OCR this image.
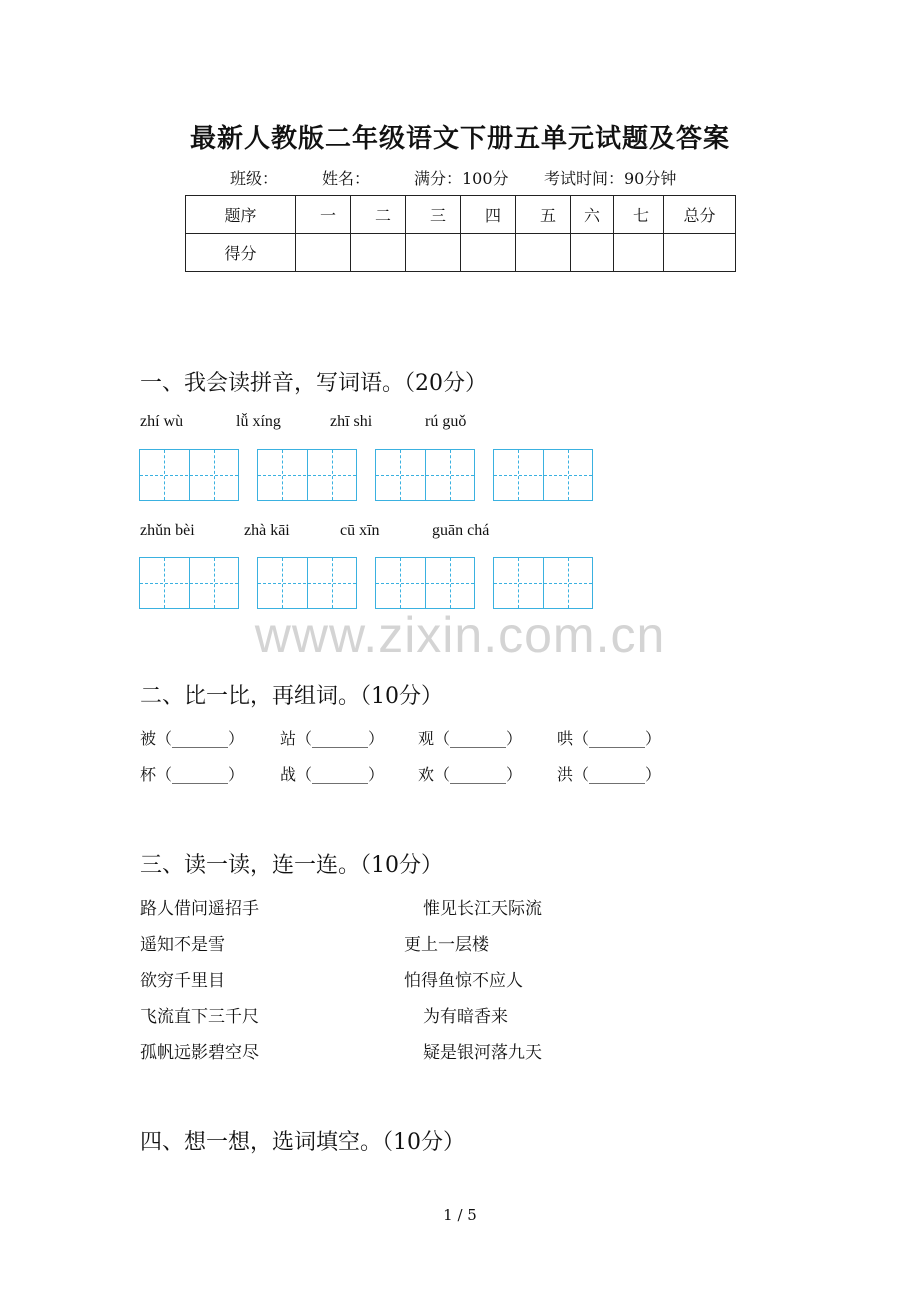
最新人教版二年级语文下册五单元试题及答案
班级：	姓名：	满分：100分 考试时间：90分钟
题序	一	二	三	四	五	六	七	总分
得分								
一、我会读拼音，写词语。（20分）
zhí wù	lǚ xíng	zhī shi	rú guǒ
zhǔn bèi	zhà kāi	cū xīn	guān chá
www.zixin.com.cn
二、比一比，再组词。（10分）
被（_______） 站（_______） 观（_______） 哄（_______）
杯（_______） 战（_______） 欢（_______） 洪（_______）
三、读一读，连一连。（10分）
路人借问遥招手
遥知不是雪
欲穷千里目
飞流直下三千尺
孤帆远影碧空尽
惟见长江天际流
更上一层楼
怕得鱼惊不应人
为有暗香来
疑是银河落九天
四、想一想，选词填空。（10分）
1 / 5
